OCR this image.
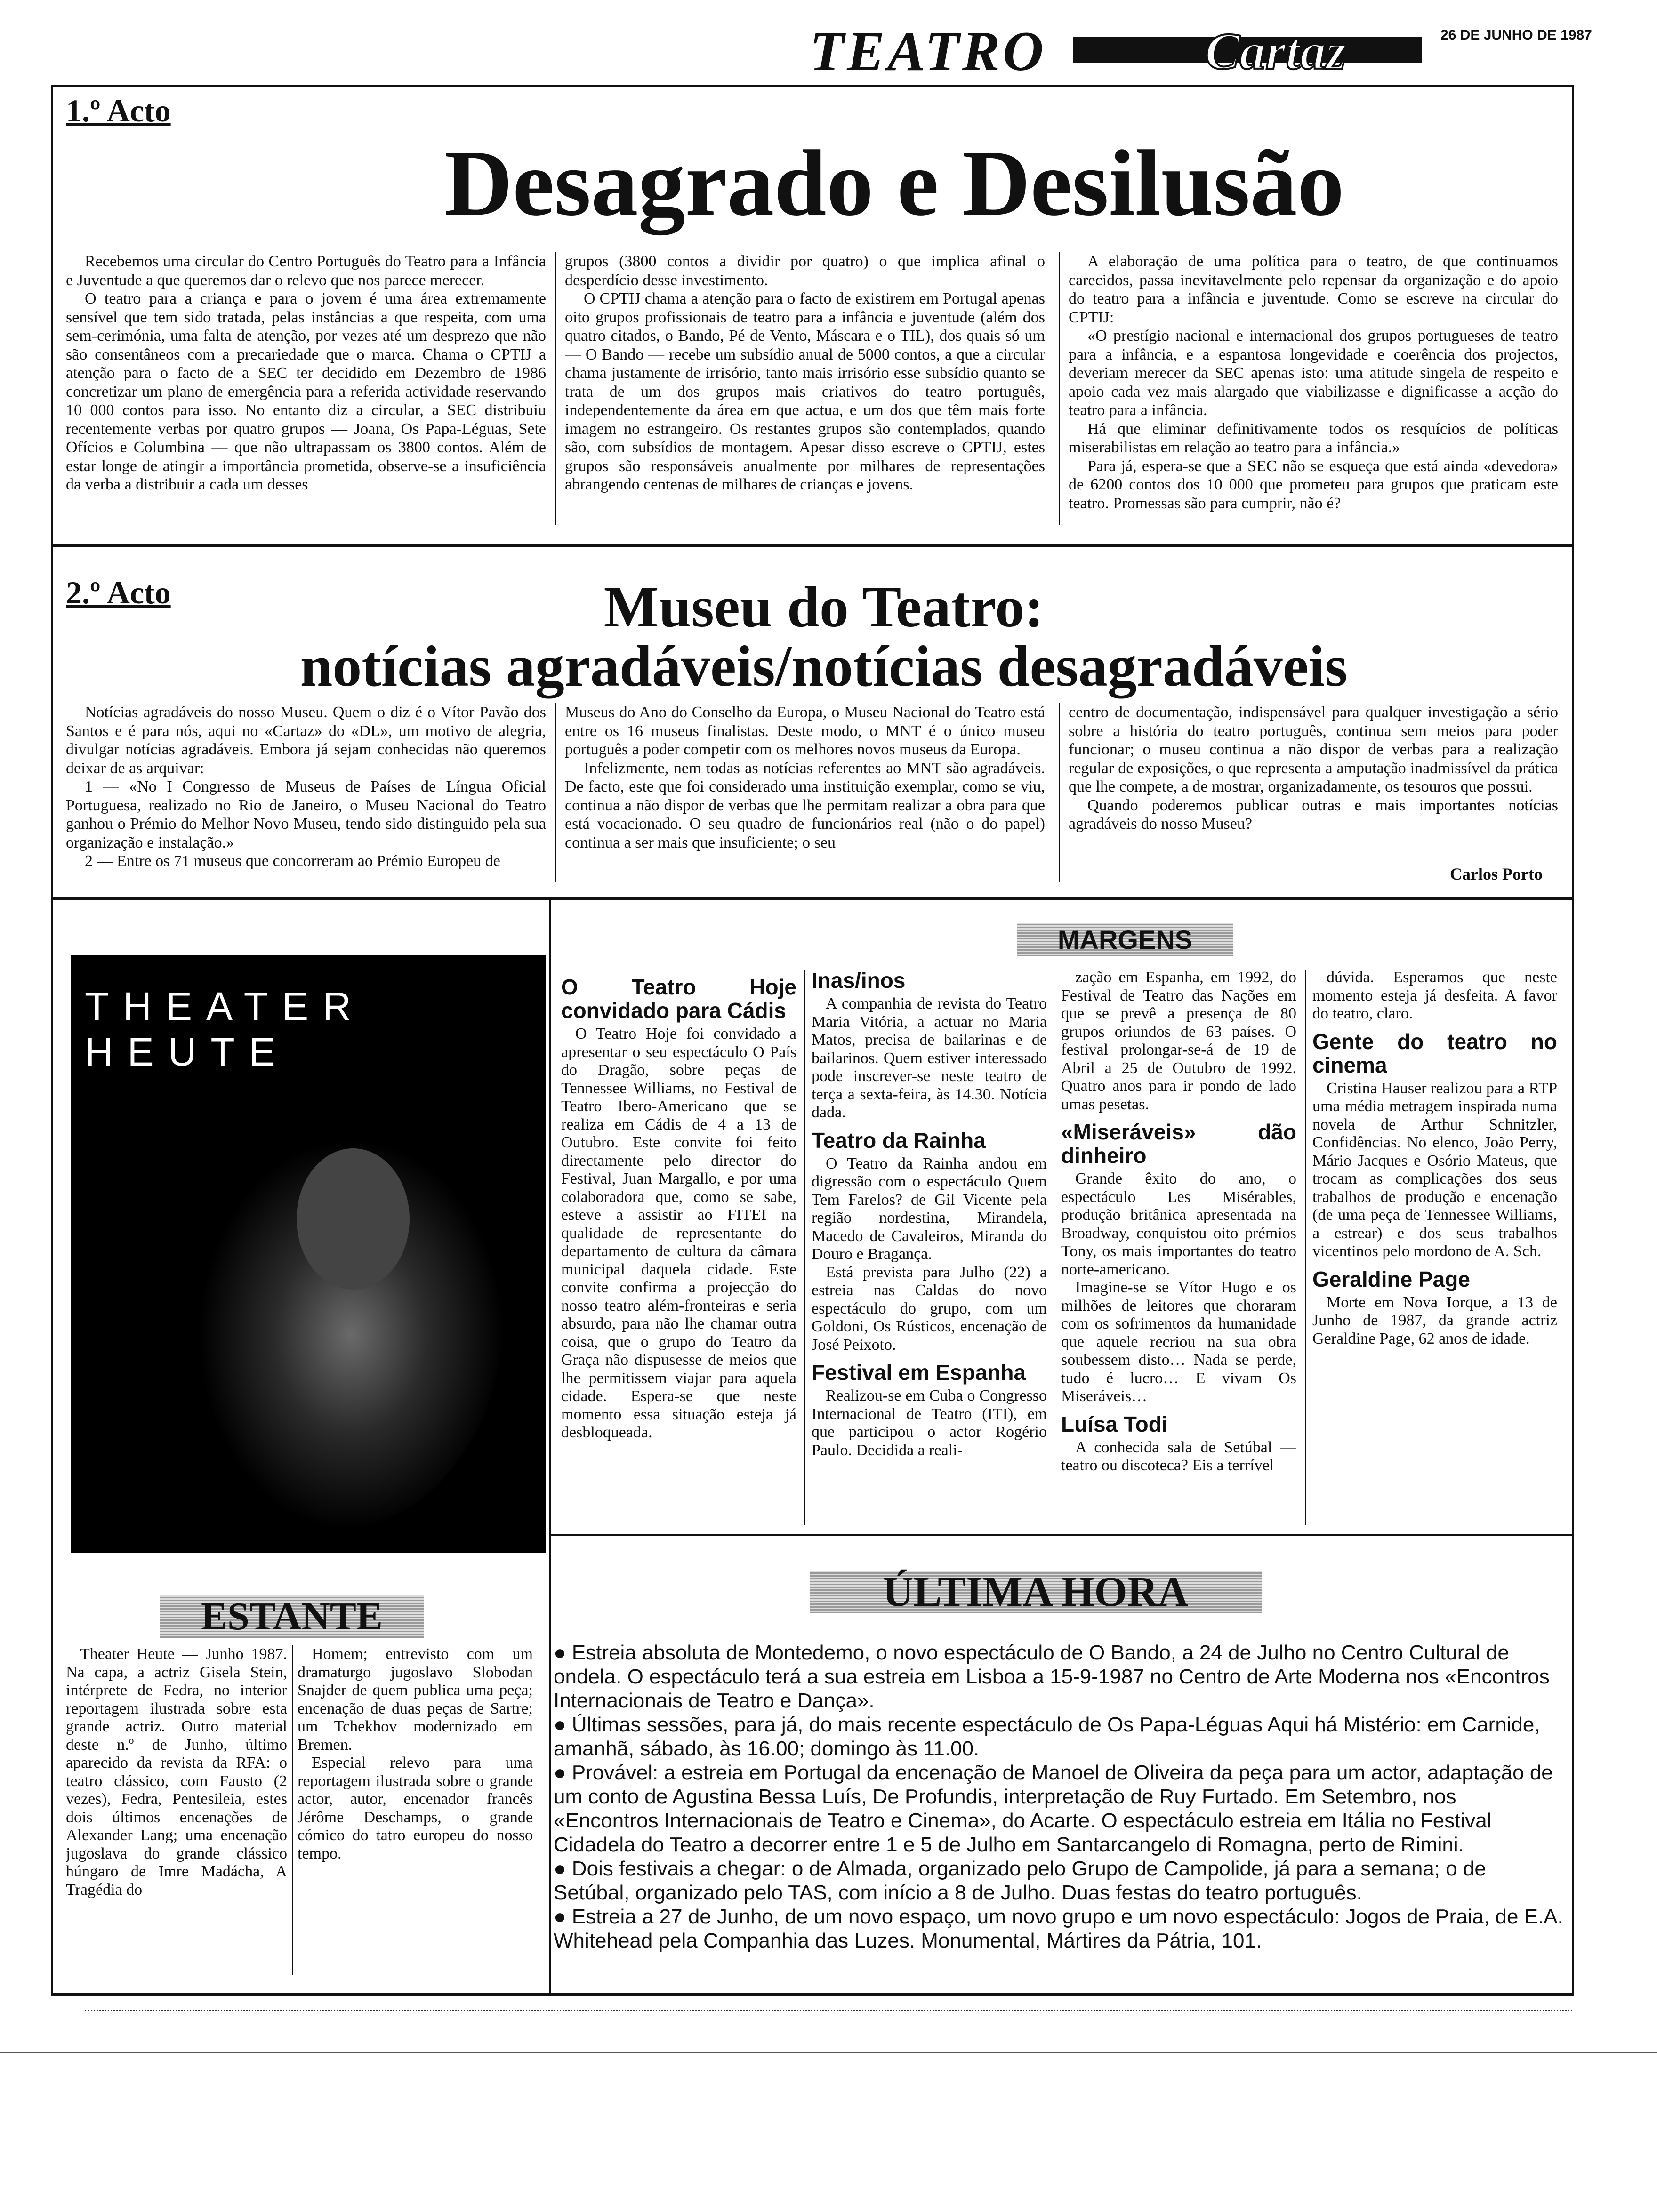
TEATRO	Cartaz	26 DE JUNHO DE 1987
1.º Acto
Desagrado e Desilusão

Recebemos uma circular do Centro Português do Teatro para a Infância e Juventude a que queremos dar o relevo que nos parece merecer.

O teatro para a criança e para o jovem é uma área extremamente sensível que tem sido tratada, pelas instâncias a que respeita, com uma sem-cerimónia, uma falta de atenção, por vezes até um desprezo que não são consentâneos com a precariedade que o marca. Chama o CPTIJ a atenção para o facto de a SEC ter decidido em Dezembro de 1986 concretizar um plano de emergência para a referida actividade reservando 10 000 contos para isso. No entanto diz a circular, a SEC distribuiu recentemente verbas por quatro grupos — Joana, Os Papa-Léguas, Sete Ofícios e Columbina — que não ultrapassam os 3800 contos. Além de estar longe de atingir a importância prometida, observe-se a insuficiência da verba a distribuir a cada um desses

grupos (3800 contos a dividir por quatro) o que implica afinal o desperdício desse investimento.

O CPTIJ chama a atenção para o facto de existirem em Portugal apenas oito grupos profissionais de teatro para a infância e juventude (além dos quatro citados, o Bando, Pé de Vento, Máscara e o TIL), dos quais só um — O Bando — recebe um subsídio anual de 5000 contos, a que a circular chama justamente de irrisório, tanto mais irrisório esse subsídio quanto se trata de um dos grupos mais criativos do teatro português, independentemente da área em que actua, e um dos que têm mais forte imagem no estrangeiro. Os restantes grupos são contemplados, quando são, com subsídios de montagem. Apesar disso escreve o CPTIJ, estes grupos são responsáveis anualmente por milhares de representações abrangendo centenas de milhares de crianças e jovens.

A elaboração de uma política para o teatro, de que continuamos carecidos, passa inevitavelmente pelo repensar da organização e do apoio do teatro para a infância e juventude. Como se escreve na circular do CPTIJ:

«O prestígio nacional e internacional dos grupos portugueses de teatro para a infância, e a espantosa longevidade e coerência dos projectos, deveriam merecer da SEC apenas isto: uma atitude singela de respeito e apoio cada vez mais alargado que viabilizasse e dignificasse a acção do teatro para a infância.

Há que eliminar definitivamente todos os resquícios de políticas miserabilistas em relação ao teatro para a infância.»

Para já, espera-se que a SEC não se esqueça que está ainda «devedora» de 6200 contos dos 10 000 que prometeu para grupos que praticam este teatro. Promessas são para cumprir, não é?

2.º Acto	Museu do Teatro:
notícias agradáveis/notícias desagradáveis

Notícias agradáveis do nosso Museu. Quem o diz é o Vítor Pavão dos Santos e é para nós, aqui no «Cartaz» do «DL», um motivo de alegria, divulgar notícias agradáveis. Embora já sejam conhecidas não queremos deixar de as arquivar:

1 — «No I Congresso de Museus de Países de Língua Oficial Portuguesa, realizado no Rio de Janeiro, o Museu Nacional do Teatro ganhou o Prémio do Melhor Novo Museu, tendo sido distinguido pela sua organização e instalação.»

2 — Entre os 71 museus que concorreram ao Prémio Europeu de

Museus do Ano do Conselho da Europa, o Museu Nacional do Teatro está entre os 16 museus finalistas. Deste modo, o MNT é o único museu português a poder competir com os melhores novos museus da Europa.

Infelizmente, nem todas as notícias referentes ao MNT são agradáveis. De facto, este que foi considerado uma instituição exemplar, como se viu, continua a não dispor de verbas que lhe permitam realizar a obra para que está vocacionado. O seu quadro de funcionários real (não o do papel) continua a ser mais que insuficiente; o seu

centro de documentação, indispensável para qualquer investigação a sério sobre a história do teatro português, continua sem meios para poder funcionar; o museu continua a não dispor de verbas para a realização regular de exposições, o que representa a amputação inadmissível da prática que lhe compete, a de mostrar, organizadamente, os tesouros que possui.

Quando poderemos publicar outras e mais importantes notícias agradáveis do nosso Museu?

Carlos Porto
THEATER HEUTE
MARGENS
O Teatro Hoje convidado para Cádis

O Teatro Hoje foi convidado a apresentar o seu espectáculo O País do Dragão, sobre peças de Tennessee Williams, no Festival de Teatro Ibero-Americano que se realiza em Cádis de 4 a 13 de Outubro. Este convite foi feito directamente pelo director do Festival, Juan Margallo, e por uma colaboradora que, como se sabe, esteve a assistir ao FITEI na qualidade de representante do departamento de cultura da câmara municipal daquela cidade. Este convite confirma a projecção do nosso teatro além-fronteiras e seria absurdo, para não lhe chamar outra coisa, que o grupo do Teatro da Graça não dispusesse de meios que lhe permitissem viajar para aquela cidade. Espera-se que neste momento essa situação esteja já desbloqueada.

Inas/inos

A companhia de revista do Teatro Maria Vitória, a actuar no Maria Matos, precisa de bailarinas e de bailarinos. Quem estiver interessado pode inscrever-se neste teatro de terça a sexta-feira, às 14.30. Notícia dada.

Teatro da Rainha

O Teatro da Rainha andou em digressão com o espectáculo Quem Tem Farelos? de Gil Vicente pela região nordestina, Mirandela, Macedo de Cavaleiros, Miranda do Douro e Bragança.

Está prevista para Julho (22) a estreia nas Caldas do novo espectáculo do grupo, com um Goldoni, Os Rústicos, encenação de José Peixoto.

Festival em Espanha

Realizou-se em Cuba o Congresso Internacional de Teatro (ITI), em que participou o actor Rogério Paulo. Decidida a reali-

zação em Espanha, em 1992, do Festival de Teatro das Nações em que se prevê a presença de 80 grupos oriundos de 63 países. O festival prolongar-se-á de 19 de Abril a 25 de Outubro de 1992. Quatro anos para ir pondo de lado umas pesetas.

«Miseráveis» dão dinheiro

Grande êxito do ano, o espectáculo Les Misérables, produção britânica apresentada na Broadway, conquistou oito prémios Tony, os mais importantes do teatro norte-americano.

Imagine-se se Vítor Hugo e os milhões de leitores que choraram com os sofrimentos da humanidade que aquele recriou na sua obra soubessem disto… Nada se perde, tudo é lucro… E vivam Os Miseráveis…

Luísa Todi

A conhecida sala de Setúbal — teatro ou discoteca? Eis a terrível

dúvida. Esperamos que neste momento esteja já desfeita. A favor do teatro, claro.

Gente do teatro no cinema

Cristina Hauser realizou para a RTP uma média metragem inspirada numa novela de Arthur Schnitzler, Confidências. No elenco, João Perry, Mário Jacques e Osório Mateus, que trocam as complicações dos seus trabalhos de produção e encenação (de uma peça de Tennessee Williams, a estrear) e dos seus trabalhos vicentinos pelo mordono de A. Sch.

Geraldine Page

Morte em Nova Iorque, a 13 de Junho de 1987, da grande actriz Geraldine Page, 62 anos de idade.

ESTANTE

Theater Heute — Junho 1987. Na capa, a actriz Gisela Stein, intérprete de Fedra, no interior reportagem ilustrada sobre esta grande actriz. Outro material deste n.º de Junho, último aparecido da revista da RFA: o teatro clássico, com Fausto (2 vezes), Fedra, Pentesileia, estes dois últimos encenações de Alexander Lang; uma encenação jugoslava do grande clássico húngaro de Imre Madácha, A Tragédia do

Homem; entrevisto com um dramaturgo jugoslavo Slobodan Snajder de quem publica uma peça; encenação de duas peças de Sartre; um Tchekhov modernizado em Bremen.

Especial relevo para uma reportagem ilustrada sobre o grande actor, autor, encenador francês Jérôme Deschamps, o grande cómico do tatro europeu do nosso tempo.

ÚLTIMA HORA

● Estreia absoluta de Montedemo, o novo espectáculo de O Bando, a 24 de Julho no Centro Cultural de ondela. O espectáculo terá a sua estreia em Lisboa a 15-9-1987 no Centro de Arte Moderna nos «Encontros Internacionais de Teatro e Dança».

● Últimas sessões, para já, do mais recente espectáculo de Os Papa-Léguas Aqui há Mistério: em Carnide, amanhã, sábado, às 16.00; domingo às 11.00.

● Provável: a estreia em Portugal da encenação de Manoel de Oliveira da peça para um actor, adaptação de um conto de Agustina Bessa Luís, De Profundis, interpretação de Ruy Furtado. Em Setembro, nos «Encontros Internacionais de Teatro e Cinema», do Acarte. O espectáculo estreia em Itália no Festival Cidadela do Teatro a decorrer entre 1 e 5 de Julho em Santarcangelo di Romagna, perto de Rimini.

● Dois festivais a chegar: o de Almada, organizado pelo Grupo de Campolide, já para a semana; o de Setúbal, organizado pelo TAS, com início a 8 de Julho. Duas festas do teatro português.

● Estreia a 27 de Junho, de um novo espaço, um novo grupo e um novo espectáculo: Jogos de Praia, de E.A. Whitehead pela Companhia das Luzes. Monumental, Mártires da Pátria, 101.
